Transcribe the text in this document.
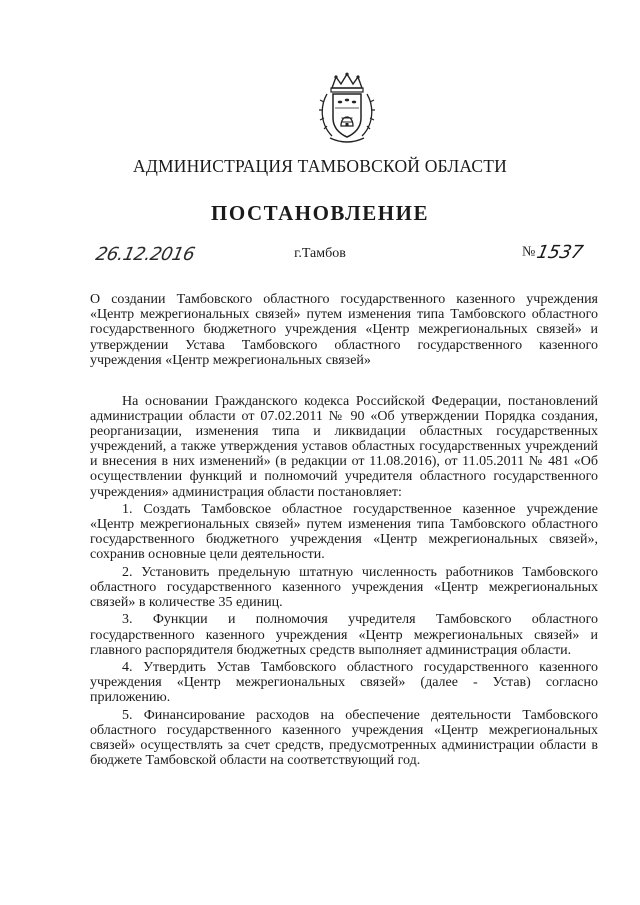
АДМИНИСТРАЦИЯ ТАМБОВСКОЙ ОБЛАСТИ
ПОСТАНОВЛЕНИЕ
26.12.2016	г.Тамбов	№1537
О создании Тамбовского областного государственного казенного учреждения «Центр межрегиональных связей» путем изменения типа Тамбовского областного государственного бюджетного учреждения «Центр межрегиональных связей» и утверждении Устава Тамбовского областного государственного казенного учреждения «Центр межрегиональных связей»

На основании Гражданского кодекса Российской Федерации, постановлений администрации области от 07.02.2011 № 90 «Об утверждении Порядка создания, реорганизации, изменения типа и ликвидации областных государственных учреждений, а также утверждения уставов областных государственных учреждений и внесения в них изменений» (в редакции от 11.08.2016), от 11.05.2011 № 481 «Об осуществлении функций и полномочий учредителя областного государственного учреждения» администрация области постановляет:

1. Создать Тамбовское областное государственное казенное учреждение «Центр межрегиональных связей» путем изменения типа Тамбовского областного государственного бюджетного учреждения «Центр межрегиональных связей», сохранив основные цели деятельности.

2. Установить предельную штатную численность работников Тамбовского областного государственного казенного учреждения «Центр межрегиональных связей» в количестве 35 единиц.

3. Функции и полномочия учредителя Тамбовского областного государственного казенного учреждения «Центр межрегиональных связей» и главного распорядителя бюджетных средств выполняет администрация области.

4. Утвердить Устав Тамбовского областного государственного казенного учреждения «Центр межрегиональных связей» (далее - Устав) согласно приложению.

5. Финансирование расходов на обеспечение деятельности Тамбовского областного государственного казенного учреждения «Центр межрегиональных связей» осуществлять за счет средств, предусмотренных администрации области в бюджете Тамбовской области на соответствующий год.
